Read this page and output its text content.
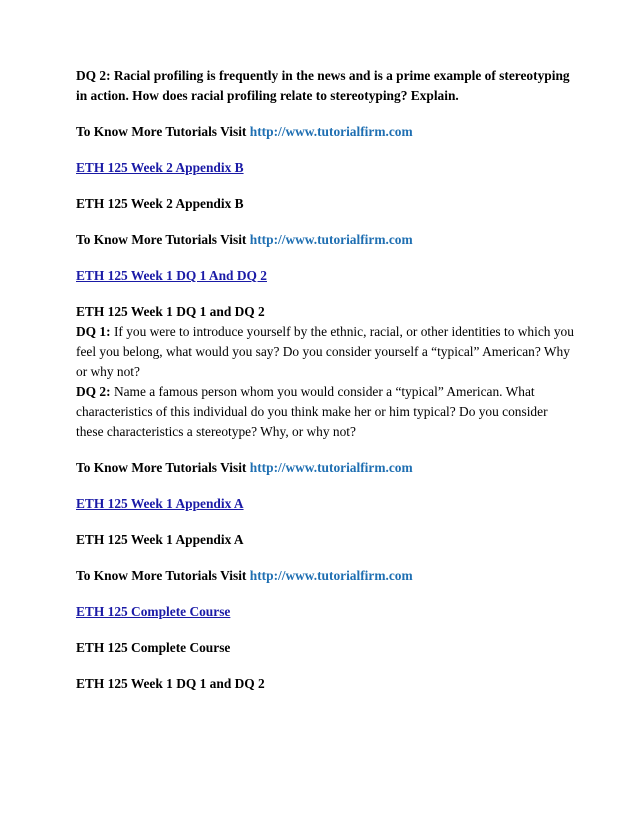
DQ 2: Racial profiling is frequently in the news and is a prime example of stereotyping in action. How does racial profiling relate to stereotyping? Explain.

To Know More Tutorials Visit http://www.tutorialfirm.com

ETH 125 Week 2 Appendix B

ETH 125 Week 2 Appendix B

To Know More Tutorials Visit http://www.tutorialfirm.com

ETH 125 Week 1 DQ 1 And DQ 2

ETH 125 Week 1 DQ 1 and DQ 2
DQ 1: If you were to introduce yourself by the ethnic, racial, or other identities to which you feel you belong, what would you say? Do you consider yourself a “typical” American? Why or why not?
DQ 2: Name a famous person whom you would consider a “typical” American. What characteristics of this individual do you think make her or him typical? Do you consider these characteristics a stereotype? Why, or why not?

To Know More Tutorials Visit http://www.tutorialfirm.com

ETH 125 Week 1 Appendix A

ETH 125 Week 1 Appendix A

To Know More Tutorials Visit http://www.tutorialfirm.com

ETH 125 Complete Course

ETH 125 Complete Course

ETH 125 Week 1 DQ 1 and DQ 2
